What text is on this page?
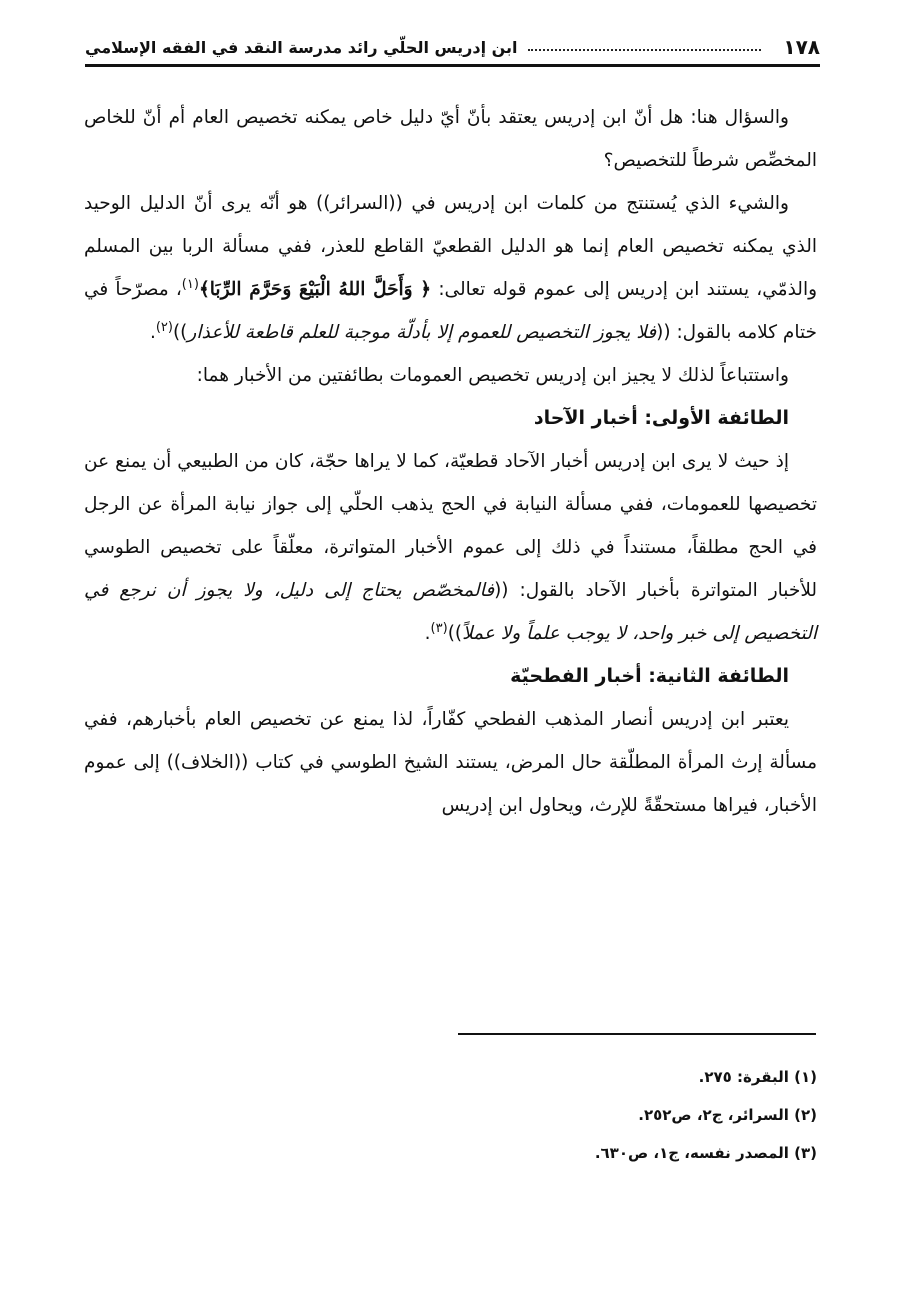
١٧٨
ابن إدريس الحلّي رائد مدرسة النقد في الفقه الإسلامي

والسؤال هنا: هل أنّ ابن إدريس يعتقد بأنّ أيّ دليل خاص يمكنه تخصيص العام أم أنّ للخاص المخصِّص شرطاً للتخصيص؟

والشيء الذي يُستنتج من كلمات ابن إدريس في ((السرائر)) هو أنّه يرى أنّ الدليل الوحيد الذي يمكنه تخصيص العام إنما هو الدليل القطعيّ القاطع للعذر، ففي مسألة الربا بين المسلم والذمّي، يستند ابن إدريس إلى عموم قوله تعالى: ﴿ وَأَحَلَّ اللهُ الْبَيْعَ وَحَرَّمَ الرِّبَا﴾$^{(١)}$، مصرّحاً في ختام كلامه بالقول: ((فلا يجوز التخصيص للعموم إلا بأدلّة موجبة للعلم قاطعة للأعذار))$^{(٢)}$.

واستتباعاً لذلك لا يجيز ابن إدريس تخصيص العمومات بطائفتين من الأخبار هما:

الطائفة الأولى: أخبار الآحاد

إذ حيث لا يرى ابن إدريس أخبار الآحاد قطعيّة، كما لا يراها حجّة، كان من الطبيعي أن يمنع عن تخصيصها للعمومات، ففي مسألة النيابة في الحج يذهب الحلّي إلى جواز نيابة المرأة عن الرجل في الحج مطلقاً، مستنداً في ذلك إلى عموم الأخبار المتواترة، معلّقاً على تخصيص الطوسي للأخبار المتواترة بأخبار الآحاد بالقول: ((فالمخصّص يحتاج إلى دليل، ولا يجوز أن نرجع في التخصيص إلى خبر واحد، لا يوجب علماً ولا عملاً))$^{(٣)}$.

الطائفة الثانية: أخبار الفطحيّة

يعتبر ابن إدريس أنصار المذهب الفطحي كفّاراً، لذا يمنع عن تخصيص العام بأخبارهم، ففي مسألة إرث المرأة المطلّقة حال المرض، يستند الشيخ الطوسي في كتاب ((الخلاف)) إلى عموم الأخبار، فيراها مستحقّةً للإرث، ويحاول ابن إدريس

(١) البقرة: ٢٧٥.

(٢) السرائر، ج٢، ص٢٥٢.

(٣) المصدر نفسه، ج١، ص٦٣٠.
